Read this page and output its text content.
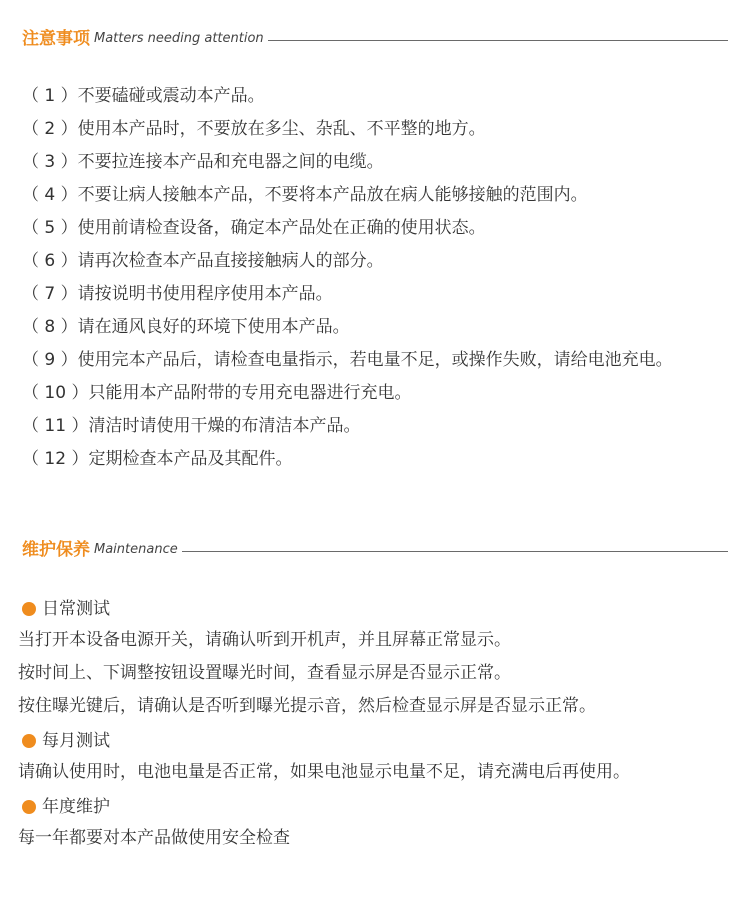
注意事项 Matters needing attention
（ 1 ）不要磕碰或震动本产品。
（ 2 ）使用本产品时，不要放在多尘、杂乱、不平整的地方。
（ 3 ）不要拉连接本产品和充电器之间的电缆。
（ 4 ）不要让病人接触本产品，不要将本产品放在病人能够接触的范围内。
（ 5 ）使用前请检查设备，确定本产品处在正确的使用状态。
（ 6 ）请再次检查本产品直接接触病人的部分。
（ 7 ）请按说明书使用程序使用本产品。
（ 8 ）请在通风良好的环境下使用本产品。
（ 9 ）使用完本产品后，请检查电量指示，若电量不足，或操作失败，请给电池充电。
（ 10 ）只能用本产品附带的专用充电器进行充电。
（ 11 ）清洁时请使用干燥的布清洁本产品。
（ 12 ）定期检查本产品及其配件。
维护保养 Maintenance
日常测试
当打开本设备电源开关，请确认听到开机声，并且屏幕正常显示。
按时间上、下调整按钮设置曝光时间，查看显示屏是否显示正常。
按住曝光键后，请确认是否听到曝光提示音，然后检查显示屏是否显示正常。
每月测试
请确认使用时，电池电量是否正常，如果电池显示电量不足，请充满电后再使用。
年度维护
每一年都要对本产品做使用安全检查
